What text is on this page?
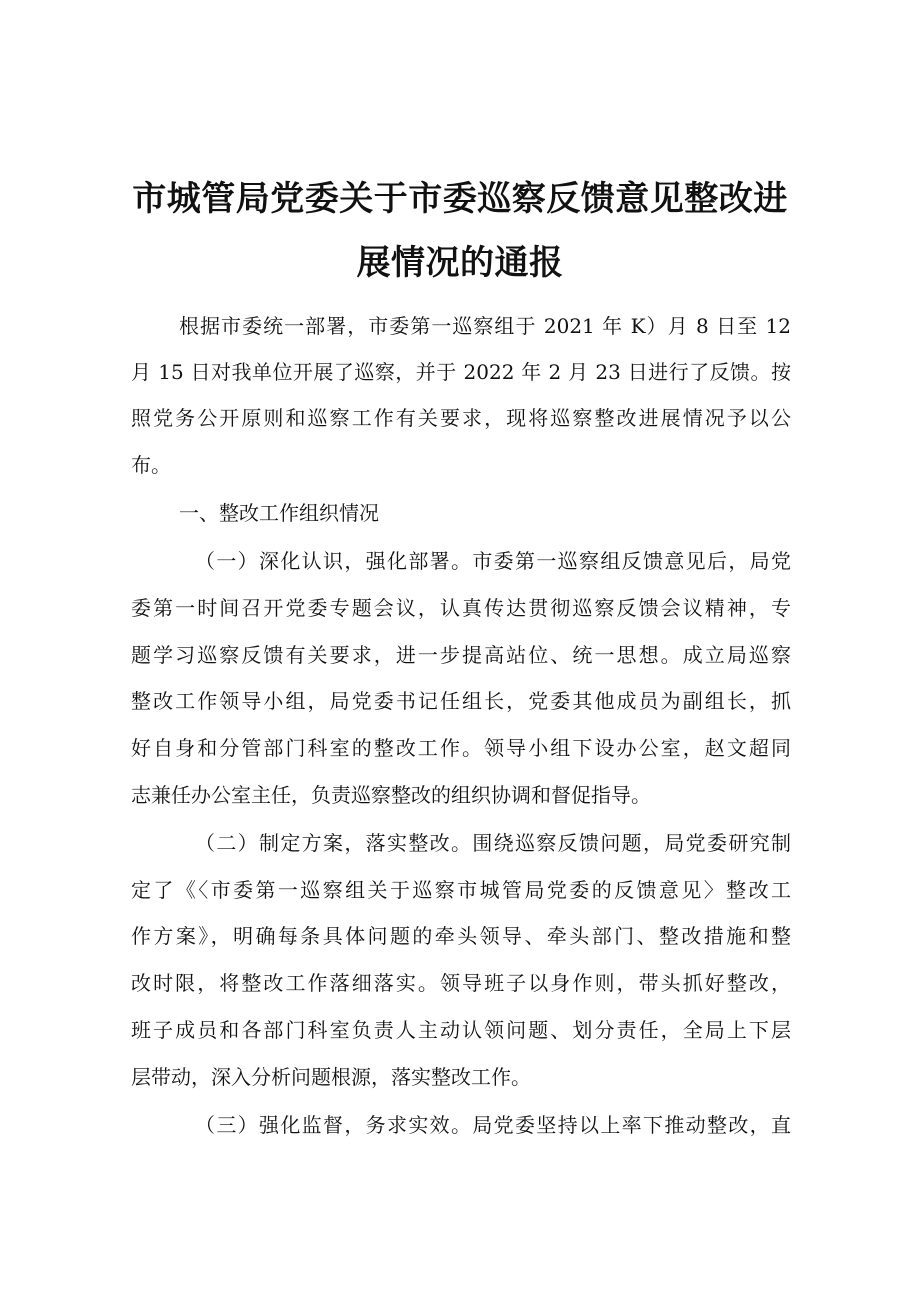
市城管局党委关于市委巡察反馈意见整改进
展情况的通报
根据市委统一部署，市委第一巡察组于 2021 年 K）月 8 日至 12
月 15 日对我单位开展了巡察，并于 2022 年 2 月 23 日进行了反馈。按
照党务公开原则和巡察工作有关要求，现将巡察整改进展情况予以公
布。
一、整改工作组织情况
（一）深化认识，强化部署。市委第一巡察组反馈意见后，局党
委第一时间召开党委专题会议，认真传达贯彻巡察反馈会议精神，专
题学习巡察反馈有关要求，进一步提高站位、统一思想。成立局巡察
整改工作领导小组，局党委书记任组长，党委其他成员为副组长，抓
好自身和分管部门科室的整改工作。领导小组下设办公室，赵文超同
志兼任办公室主任，负责巡察整改的组织协调和督促指导。
（二）制定方案，落实整改。围绕巡察反馈问题，局党委研究制
定了《〈市委第一巡察组关于巡察市城管局党委的反馈意见〉整改工
作方案》，明确每条具体问题的牵头领导、牵头部门、整改措施和整
改时限，将整改工作落细落实。领导班子以身作则，带头抓好整改，
班子成员和各部门科室负责人主动认领问题、划分责任，全局上下层
层带动，深入分析问题根源，落实整改工作。
（三）强化监督，务求实效。局党委坚持以上率下推动整改，直
